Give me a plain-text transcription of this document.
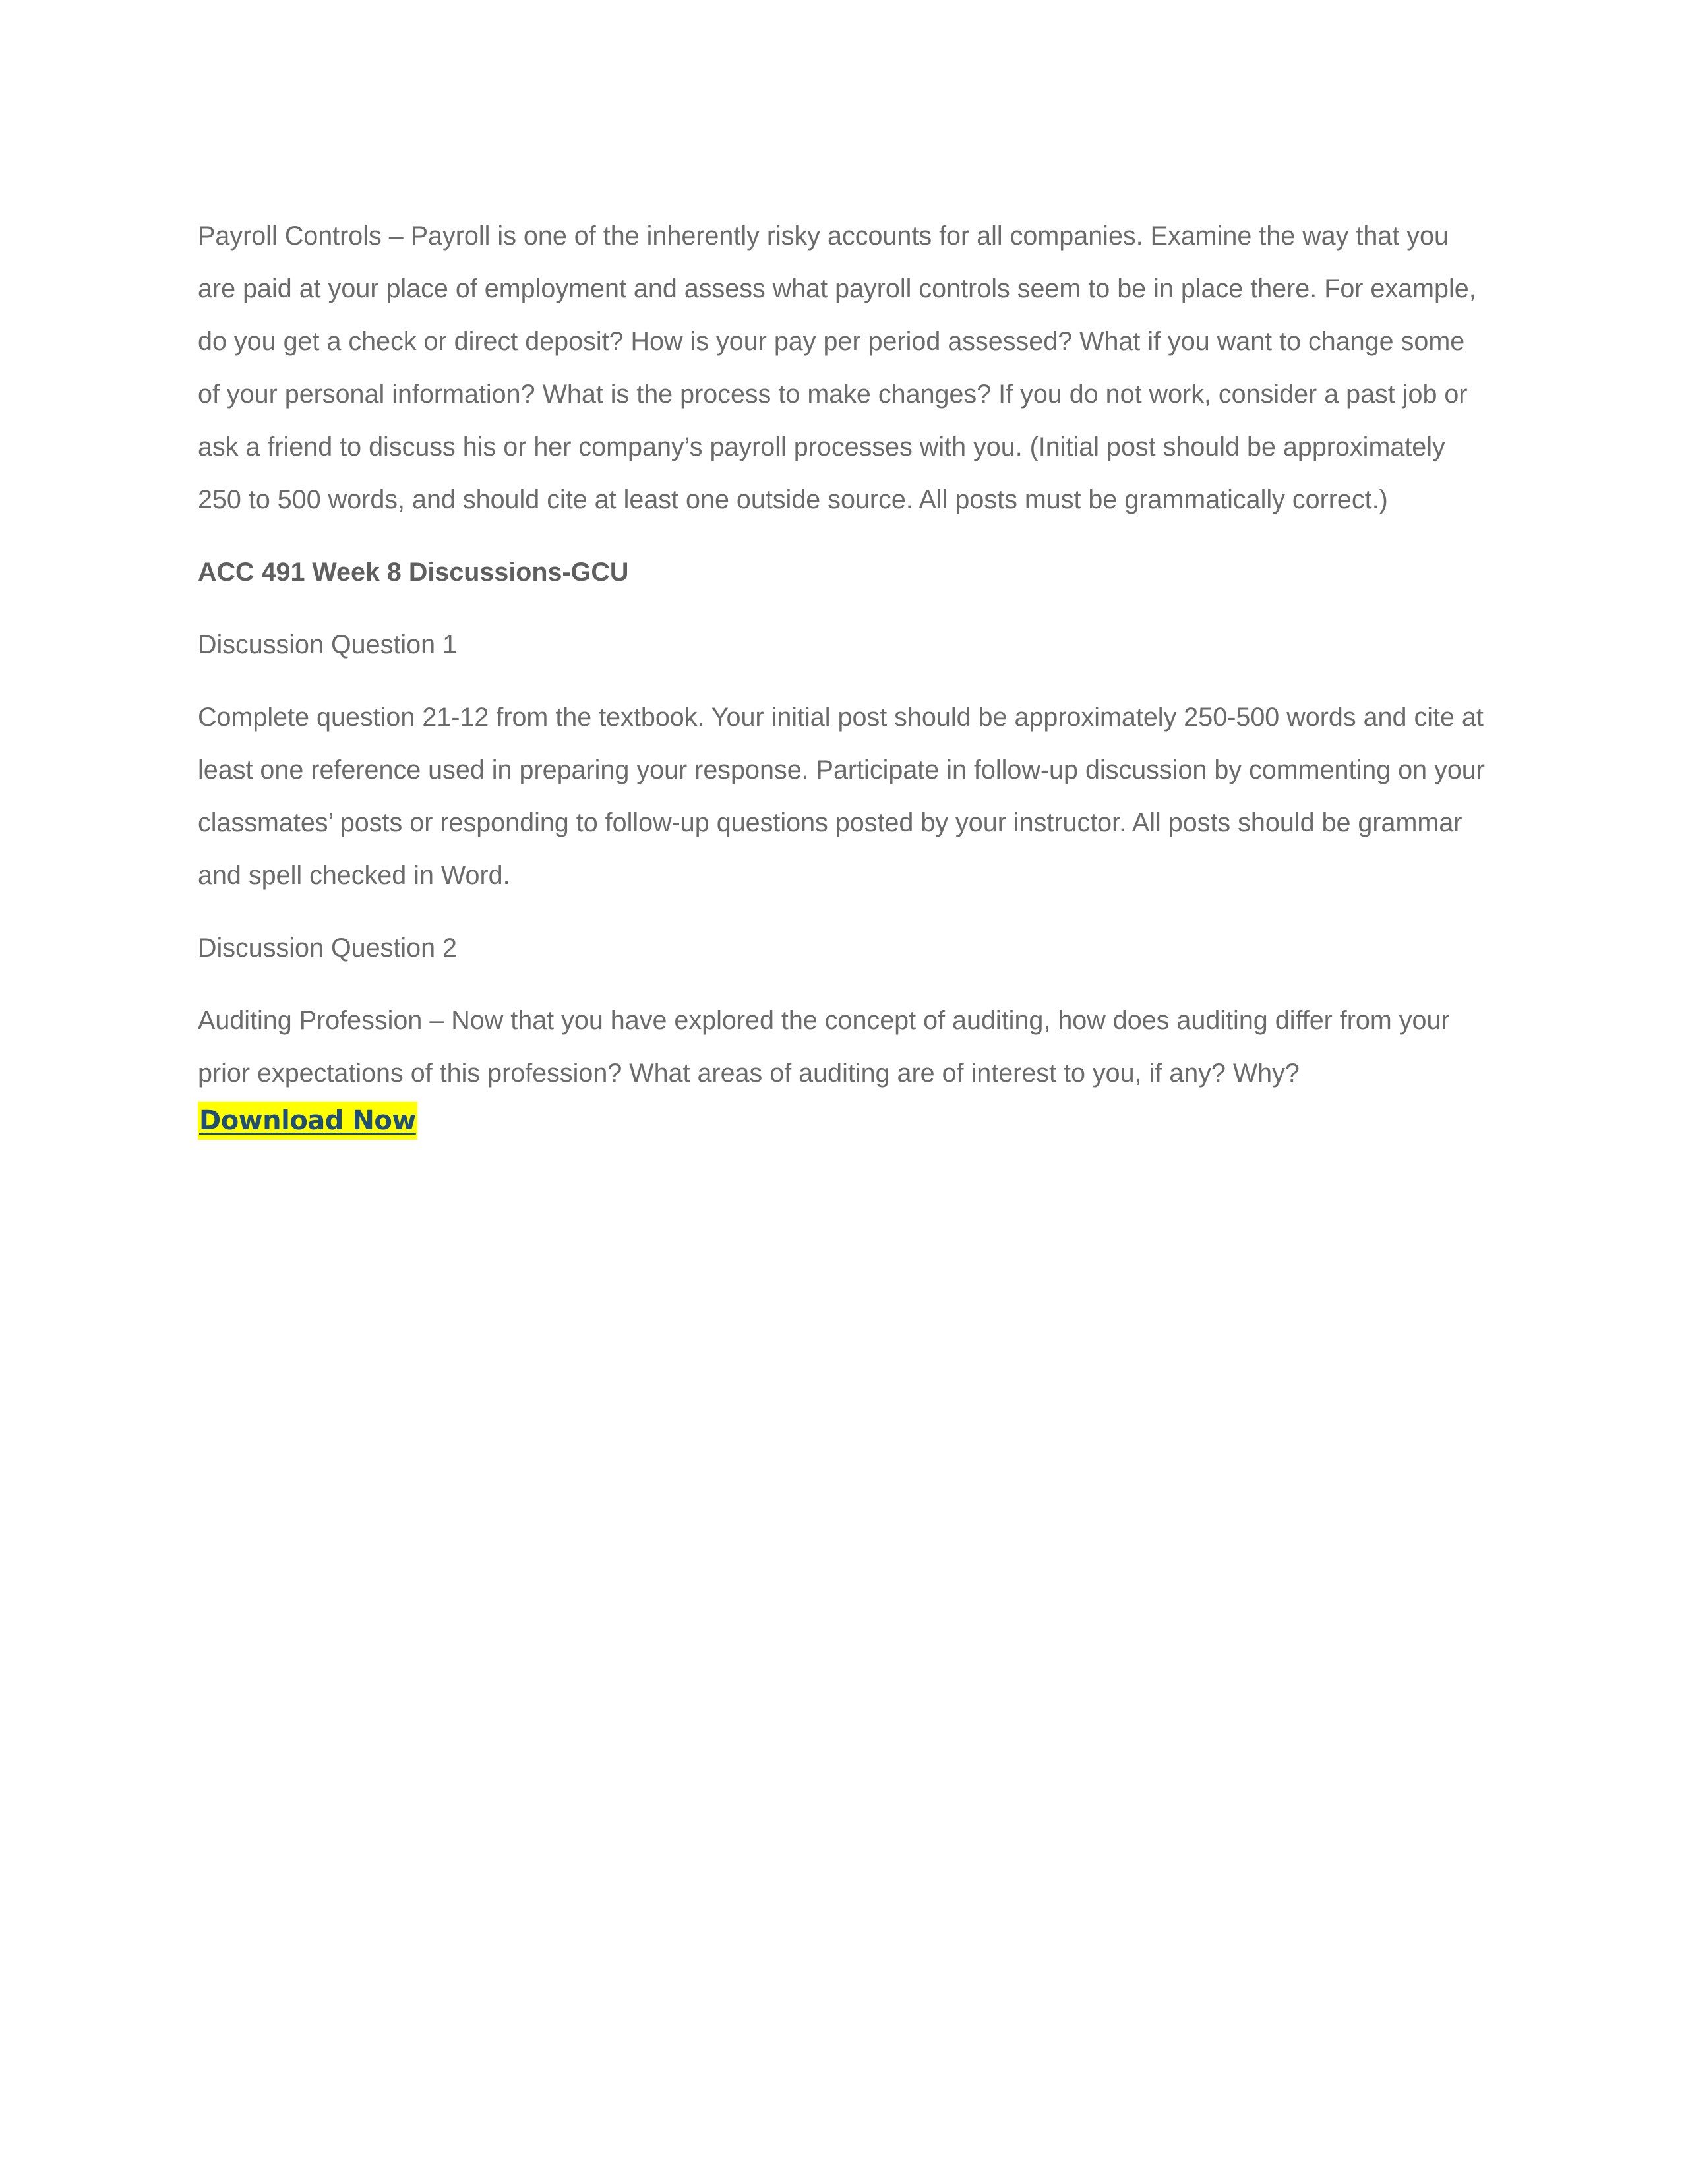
Payroll Controls – Payroll is one of the inherently risky accounts for all companies. Examine the way that you are paid at your place of employment and assess what payroll controls seem to be in place there. For example, do you get a check or direct deposit? How is your pay per period assessed? What if you want to change some of your personal information? What is the process to make changes? If you do not work, consider a past job or ask a friend to discuss his or her company’s payroll processes with you. (Initial post should be approximately 250 to 500 words, and should cite at least one outside source. All posts must be grammatically correct.)

ACC 491 Week 8 Discussions-GCU

Discussion Question 1

Complete question 21-12 from the textbook. Your initial post should be approximately 250-500 words and cite at least one reference used in preparing your response. Participate in follow-up discussion by commenting on your classmates’ posts or responding to follow-up questions posted by your instructor. All posts should be grammar and spell checked in Word.

Discussion Question 2

Auditing Profession – Now that you have explored the concept of auditing, how does auditing differ from your prior expectations of this profession? What areas of auditing are of interest to you, if any? Why?

Download Now
